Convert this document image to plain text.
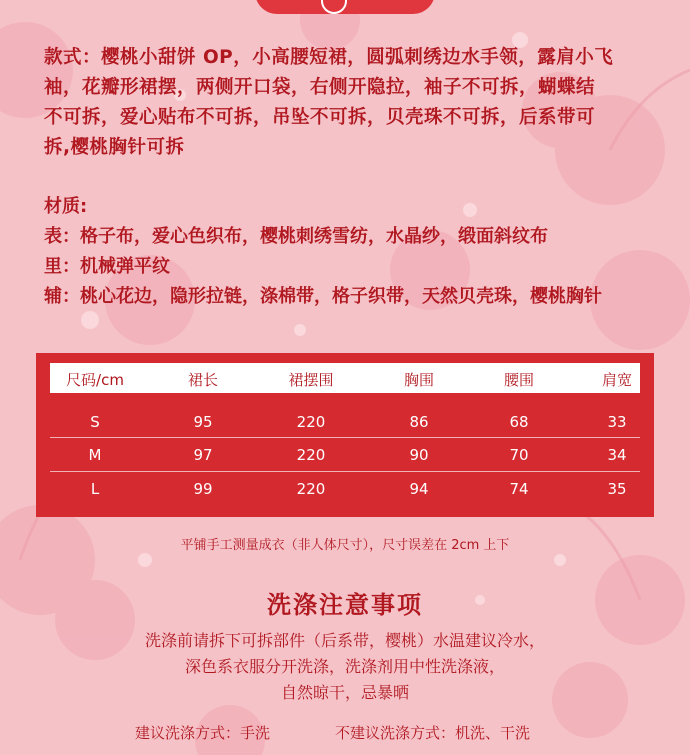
款式：樱桃小甜饼 OP，小高腰短裙，圆弧刺绣边水手领，露肩小飞
袖，花瓣形裙摆，两侧开口袋，右侧开隐拉，袖子不可拆，蝴蝶结
不可拆，爱心贴布不可拆，吊坠不可拆，贝壳珠不可拆，后系带可
拆,樱桃胸针可拆
材质:
表：格子布，爱心色织布，樱桃刺绣雪纺，水晶纱，缎面斜纹布
里：机械弹平纹
辅：桃心花边，隐形拉链，涤棉带，格子织带，天然贝壳珠，樱桃胸针
尺码/cm	裙长	裙摆围	胸围	腰围	肩宽
S	95	220	86	68	33
M	97	220	90	70	34
L	99	220	94	74	35
平铺手工测量成衣（非人体尺寸），尺寸误差在 2cm 上下
洗涤注意事项
洗涤前请拆下可拆部件（后系带，樱桃）水温建议冷水，
深色系衣服分开洗涤，洗涤剂用中性洗涤液，
自然晾干，忌暴晒
建议洗涤方式：手洗	不建议洗涤方式：机洗、干洗
